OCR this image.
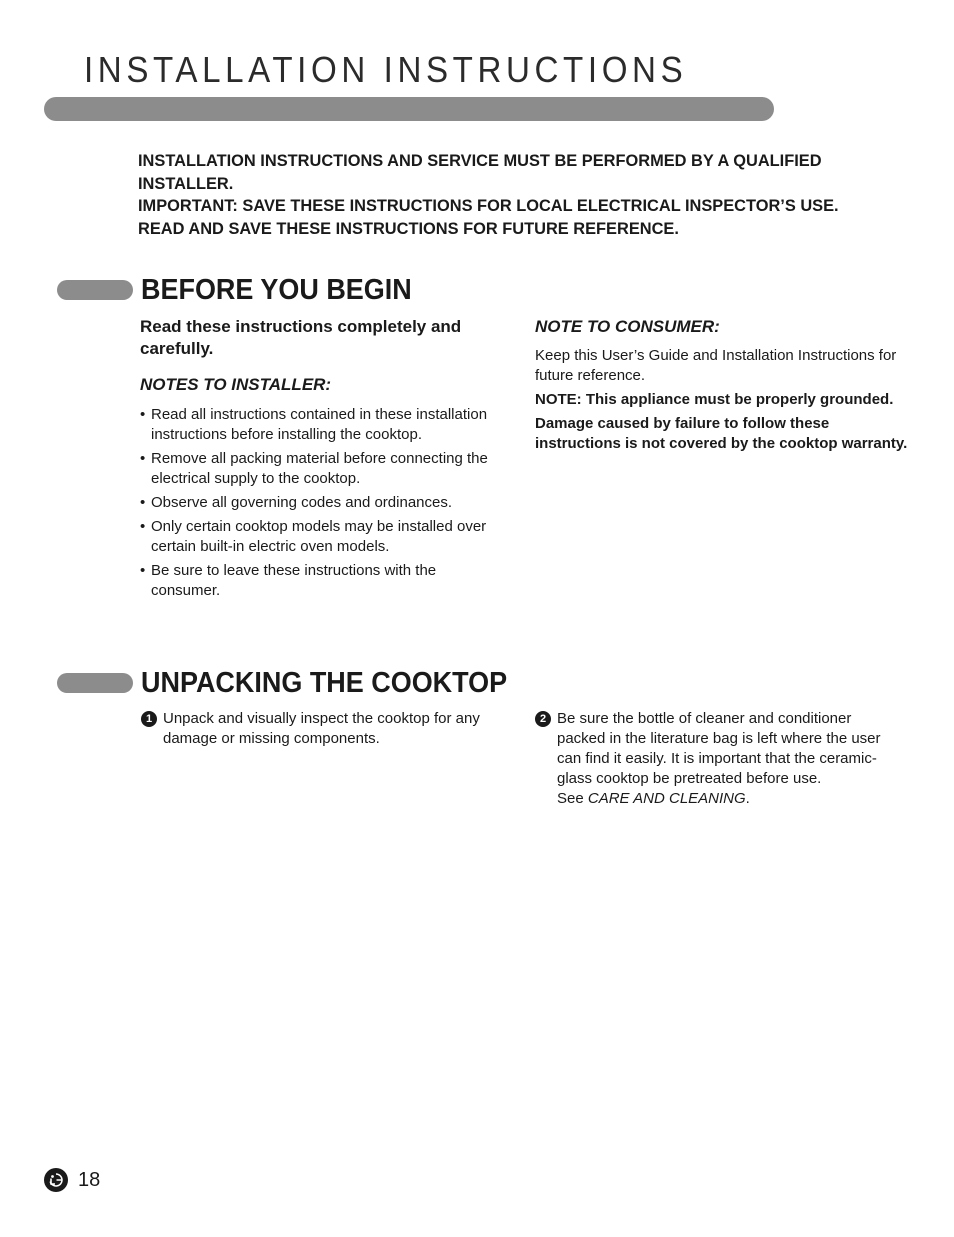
INSTALLATION INSTRUCTIONS
INSTALLATION INSTRUCTIONS AND SERVICE MUST BE PERFORMED BY A QUALIFIED INSTALLER.
IMPORTANT: SAVE THESE INSTRUCTIONS FOR LOCAL ELECTRICAL INSPECTOR’S USE.
READ AND SAVE THESE INSTRUCTIONS FOR FUTURE REFERENCE.
BEFORE YOU BEGIN

Read these instructions completely and carefully.

NOTES TO INSTALLER:

• Read all instructions contained in these installation instructions before installing the cooktop.
• Remove all packing material before connecting the electrical supply to the cooktop.
• Observe all governing codes and ordinances.
• Only certain cooktop models may be installed over certain built-in electric oven models.
• Be sure to leave these instructions with the consumer.

NOTE TO CONSUMER:

Keep this User’s Guide and Installation Instructions for future reference.

NOTE: This appliance must be properly grounded.

Damage caused by failure to follow these instructions is not covered by the cooktop warranty.

UNPACKING THE COOKTOP
1 Unpack and visually inspect the cooktop for any damage or missing components.
2 Be sure the bottle of cleaner and conditioner packed in the literature bag is left where the user can find it easily. It is important that the ceramic-glass cooktop be pretreated before use.
See CARE AND CLEANING.
18
